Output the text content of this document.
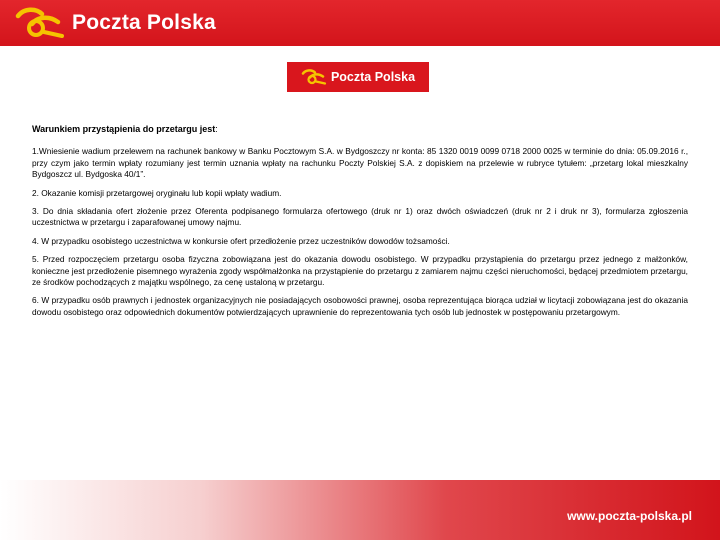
Poczta Polska
Poczta Polska
Warunkiem przystąpienia do przetargu jest:

1.Wniesienie wadium przelewem na rachunek bankowy w Banku Pocztowym S.A. w Bydgoszczy nr konta: 85 1320 0019 0099 0718 2000 0025 w terminie do dnia: 05.09.2016 r., przy czym jako termin wpłaty rozumiany jest termin uznania wpłaty na rachunku Poczty Polskiej S.A. z dopiskiem na przelewie w rubryce tytułem: „przetarg lokal mieszkalny Bydgoszcz ul. Bydgoska 40/1”.

2. Okazanie komisji przetargowej oryginału lub kopii wpłaty wadium.

3. Do dnia składania ofert złożenie przez Oferenta podpisanego formularza ofertowego (druk nr 1) oraz dwóch oświadczeń (druk nr 2 i druk nr 3), formularza zgłoszenia uczestnictwa w przetargu i zaparafowanej umowy najmu.

4. W przypadku osobistego uczestnictwa w konkursie ofert przedłożenie przez uczestników dowodów tożsamości.

5. Przed rozpoczęciem przetargu osoba fizyczna zobowiązana jest do okazania dowodu osobistego. W przypadku przystąpienia do przetargu przez jednego z małżonków, konieczne jest przedłożenie pisemnego wyrażenia zgody współmałżonka na przystąpienie do przetargu z zamiarem najmu części nieruchomości, będącej przedmiotem przetargu, ze środków pochodzących z majątku wspólnego, za cenę ustaloną w przetargu.

6. W przypadku osób prawnych i jednostek organizacyjnych nie posiadających osobowości prawnej, osoba reprezentująca biorąca udział w licytacji zobowiązana jest do okazania dowodu osobistego oraz odpowiednich dokumentów potwierdzających uprawnienie do reprezentowania tych osób lub jednostek w postępowaniu przetargowym.

www.poczta-polska.pl
